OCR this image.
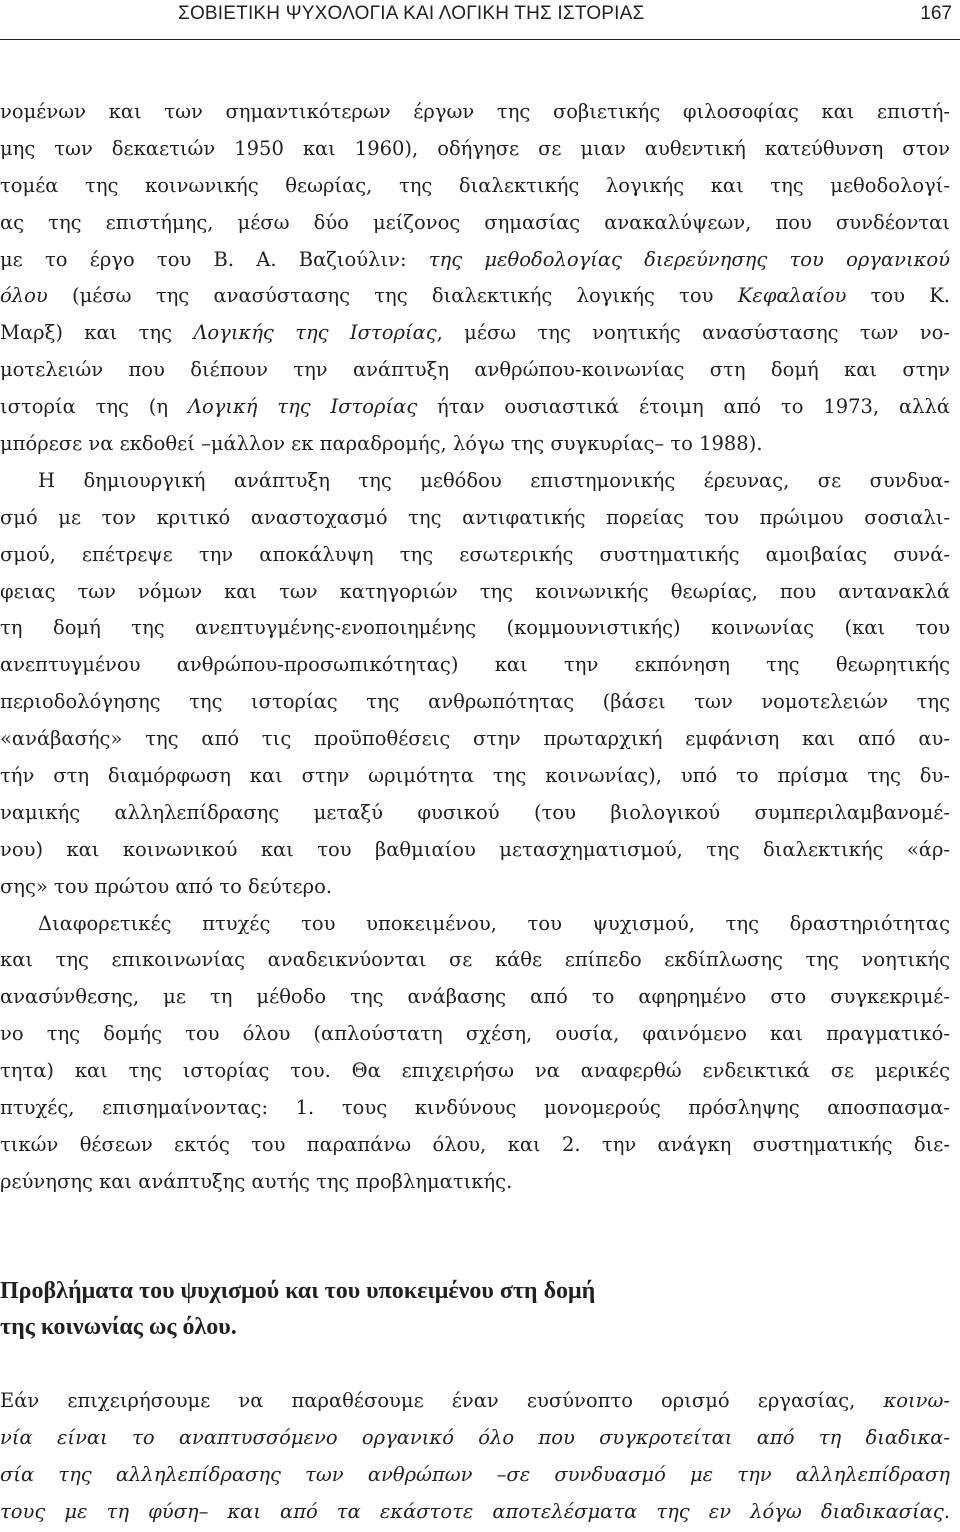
ΣΟΒΙΕΤΙΚΗ ΨΥΧΟΛΟΓΙΑ ΚΑΙ ΛΟΓΙΚΗ ΤΗΣ ΙΣΤΟΡΙΑΣ	167
νομένων και των σημαντικότερων έργων της σοβιετικής φιλοσοφίας και επιστή-
μης των δεκαετιών 1950 και 1960), οδήγησε σε μιαν αυθεντική κατεύθυνση στον
τομέα της κοινωνικής θεωρίας, της διαλεκτικής λογικής και της μεθοδολογί-
ας της επιστήμης, μέσω δύο μείζονος σημασίας ανακαλύψεων, που συνδέονται
με το έργο του Β. Α. Βαζιούλιν: της μεθοδολογίας διερεύνησης του οργανικού
όλου (μέσω της ανασύστασης της διαλεκτικής λογικής του Κεφαλαίου του Κ.
Μαρξ) και της Λογικής της Ιστορίας, μέσω της νοητικής ανασύστασης των νο-
μοτελειών που διέπουν την ανάπτυξη ανθρώπου-κοινωνίας στη δομή και στην
ιστορία της (η Λογική της Ιστορίας ήταν ουσιαστικά έτοιμη από το 1973, αλλά
μπόρεσε να εκδοθεί –μάλλον εκ παραδρομής, λόγω της συγκυρίας– το 1988).
Η δημιουργική ανάπτυξη της μεθόδου επιστημονικής έρευνας, σε συνδυα-
σμό με τον κριτικό αναστοχασμό της αντιφατικής πορείας του πρώιμου σοσιαλι-
σμού, επέτρεψε την αποκάλυψη της εσωτερικής συστηματικής αμοιβαίας συνά-
φειας των νόμων και των κατηγοριών της κοινωνικής θεωρίας, που αντανακλά
τη δομή της ανεπτυγμένης-ενοποιημένης (κομμουνιστικής) κοινωνίας (και του
ανεπτυγμένου ανθρώπου-προσωπικότητας) και την εκπόνηση της θεωρητικής
περιοδολόγησης της ιστορίας της ανθρωπότητας (βάσει των νομοτελειών της
«ανάβασής» της από τις προϋποθέσεις στην πρωταρχική εμφάνιση και από αυ-
τήν στη διαμόρφωση και στην ωριμότητα της κοινωνίας), υπό το πρίσμα της δυ-
ναμικής αλληλεπίδρασης μεταξύ φυσικού (του βιολογικού συμπεριλαμβανομέ-
νου) και κοινωνικού και του βαθμιαίου μετασχηματισμού, της διαλεκτικής «άρ-
σης» του πρώτου από το δεύτερο.
Διαφορετικές πτυχές του υποκειμένου, του ψυχισμού, της δραστηριότητας
και της επικοινωνίας αναδεικνύονται σε κάθε επίπεδο εκδίπλωσης της νοητικής
ανασύνθεσης, με τη μέθοδο της ανάβασης από το αφηρημένο στο συγκεκριμέ-
νο της δομής του όλου (απλούστατη σχέση, ουσία, φαινόμενο και πραγματικό-
τητα) και της ιστορίας του. Θα επιχειρήσω να αναφερθώ ενδεικτικά σε μερικές
πτυχές, επισημαίνοντας: 1. τους κινδύνους μονομερούς πρόσληψης αποσπασμα-
τικών θέσεων εκτός του παραπάνω όλου, και 2. την ανάγκη συστηματικής διε-
ρεύνησης και ανάπτυξης αυτής της προβληματικής.
Προβλήματα του ψυχισμού και του υποκειμένου στη δομή
της κοινωνίας ως όλου.
Εάν επιχειρήσουμε να παραθέσουμε έναν ευσύνοπτο ορισμό εργασίας, κοινω-
νία είναι το αναπτυσσόμενο οργανικό όλο που συγκροτείται από τη διαδικα-
σία της αλληλεπίδρασης των ανθρώπων –σε συνδυασμό με την αλληλεπίδραση
τους με τη φύση– και από τα εκάστοτε αποτελέσματα της εν λόγω διαδικασίας.
